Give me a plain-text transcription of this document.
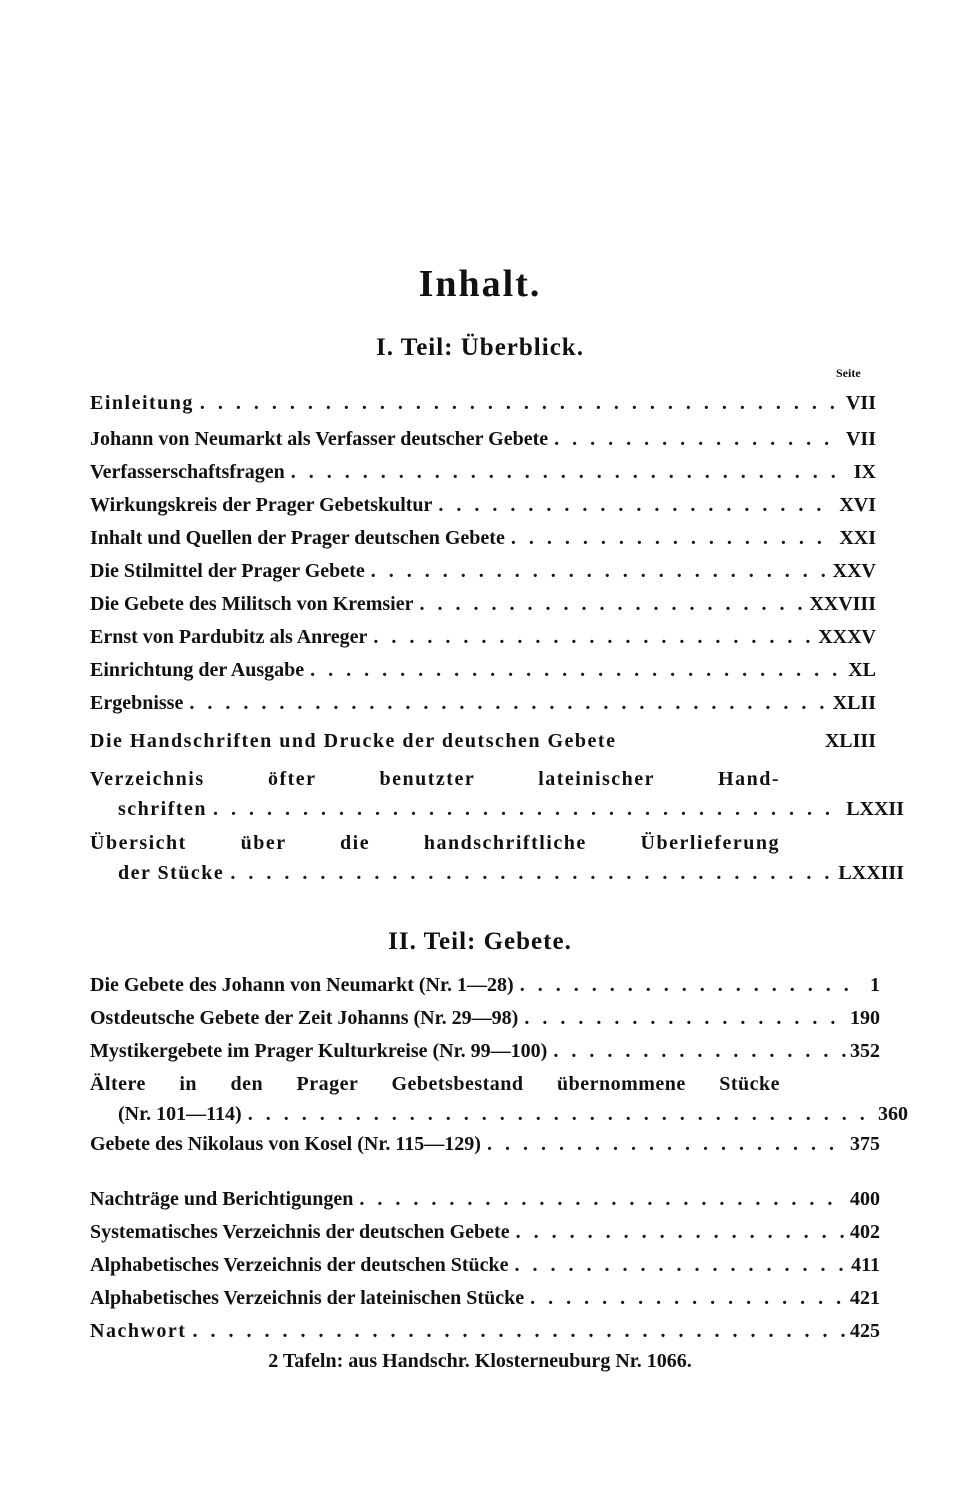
Inhalt.
I. Teil: Überblick.
Seite
Einleitung . . .	VII
Johann von Neumarkt als Verfasser deutscher Gebete . . .	VII
Verfasserschaftsfragen . . .	IX
Wirkungskreis der Prager Gebetskultur . . .	XVI
Inhalt und Quellen der Prager deutschen Gebete . . .	XXI
Die Stilmittel der Prager Gebete . . .	XXV
Die Gebete des Militsch von Kremsier . . .	XXVIII
Ernst von Pardubitz als Anreger . . .	XXXV
Einrichtung der Ausgabe . . .	XL
Ergebnisse . . .	XLII
Die Handschriften und Drucke der deutschen Gebete	XLIII
Verzeichnis öfter benutzter lateinischer Hand-
schriften . . .	LXXII
Übersicht über die handschriftliche Überlieferung
der Stücke . . .	LXXIII
II. Teil: Gebete.
Die Gebete des Johann von Neumarkt (Nr. 1—28) . . .	1
Ostdeutsche Gebete der Zeit Johanns (Nr. 29—98) . . .	190
Mystikergebete im Prager Kulturkreise (Nr. 99—100) . . .	352
Ältere in den Prager Gebetsbestand übernommene Stücke
(Nr. 101—114) . . .	360
Gebete des Nikolaus von Kosel (Nr. 115—129) . . .	375
Nachträge und Berichtigungen . . .	400
Systematisches Verzeichnis der deutschen Gebete . . .	402
Alphabetisches Verzeichnis der deutschen Stücke . . .	411
Alphabetisches Verzeichnis der lateinischen Stücke . . .	421
Nachwort . . .	425
2 Tafeln: aus Handschr. Klosterneuburg Nr. 1066.
